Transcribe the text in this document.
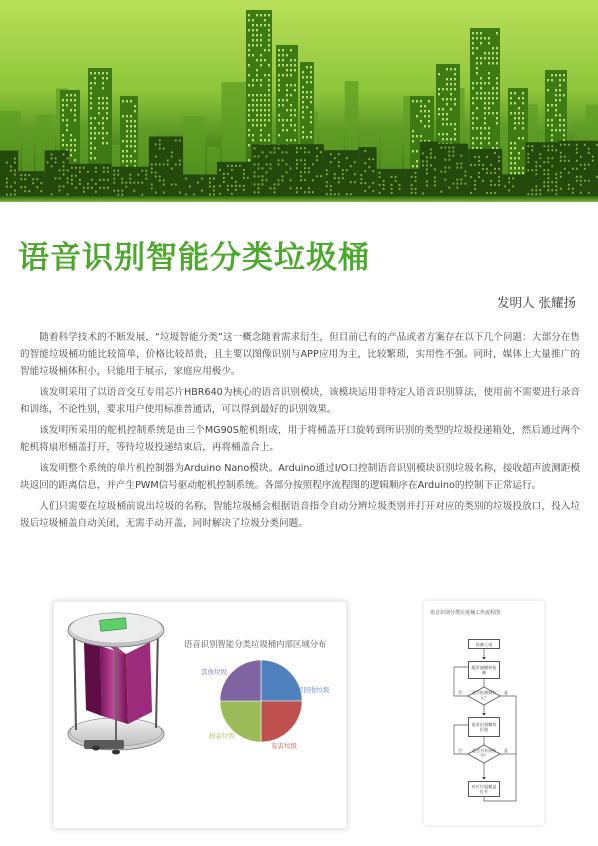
语音识别智能分类垃圾桶
发明人 张耀扬

随着科学技术的不断发展，“垃圾智能分类”这一概念随着需求衍生，但目前已有的产品或者方案存在以下几个问题：大部分在售的智能垃圾桶功能比较简单，价格比较昂贵，且主要以图像识别与APP应用为主，比较繁琐，实用性不强。同时，媒体上大量推广的智能垃圾桶体积小，只能用于展示，家庭应用极少。

该发明采用了以语音交互专用芯片HBR640为核心的语音识别模块，该模块运用非特定人语音识别算法，使用前不需要进行录音和训练，不论性别，要求用户使用标准普通话，可以得到最好的识别效果。

该发明所采用的舵机控制系统是由三个MG90S舵机组成，用于将桶盖开口旋转到所识别的类型的垃圾投递箱处，然后通过两个舵机将扇形桶盖打开，等待垃圾投递结束后，再将桶盖合上。

该发明整个系统的单片机控制器为Arduino Nano模块。Arduino通过I/O口控制语音识别模块识别垃圾名称，接收超声波测距模块返回的距离信息，并产生PWM信号驱动舵机控制系统。各部分按照程序流程图的逻辑顺序在Arduino的控制下正常运行。

人们只需要在垃圾桶前说出垃圾的名称，智能垃圾桶会根据语音指令自动分辨垃圾类别并打开对应的类别的垃圾投放口，投入垃圾后垃圾桶盖自动关闭，无需手动开盖，同时解决了垃圾分类问题。

语音识别智能分类垃圾桶内部区域分布
可回收垃圾
有害垃圾
厨余垃圾
其他垃圾
语音识别分类垃圾桶工作流程图
设备上电
超声波模块检测
是否检测到有人？
语音识别模块识别
是否为有效指令？
对应垃圾桶盖打开
否	是
否	是
